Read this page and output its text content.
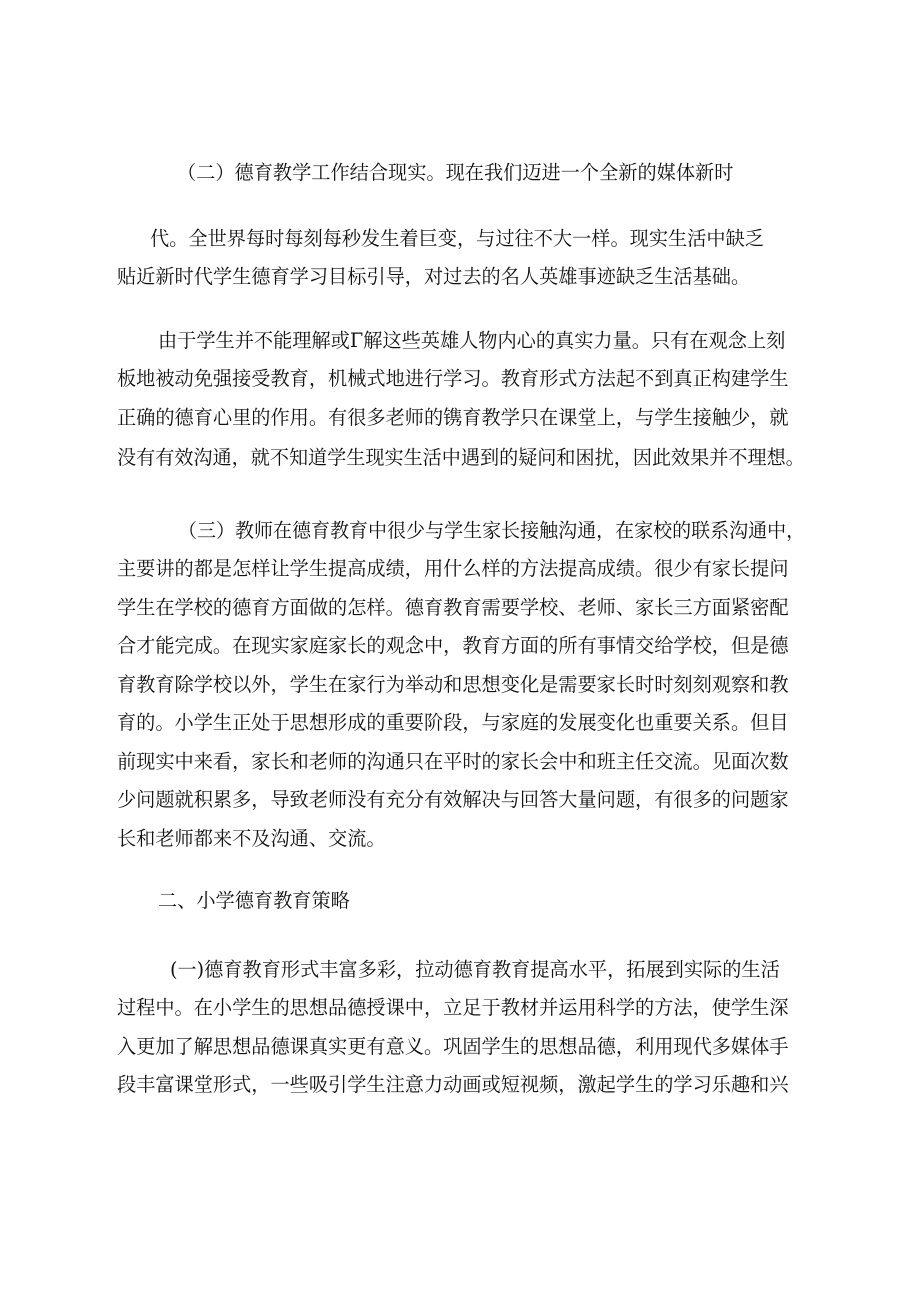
（二）德育教学工作结合现实。现在我们迈进一个全新的媒体新时
代。全世界每时每刻每秒发生着巨变，与过往不大一样。现实生活中缺乏
贴近新时代学生德育学习目标引导，对过去的名人英雄事迹缺乏生活基础。
由于学生并不能理解或Γ解这些英雄人物内心的真实力量。只有在观念上刻
板地被动免强接受教育，机械式地进行学习。教育形式方法起不到真正构建学生
正确的德育心里的作用。有很多老师的镌育教学只在课堂上，与学生接触少，就
没有有效沟通，就不知道学生现实生活中遇到的疑问和困扰，因此效果并不理想。
（三）教师在德育教育中很少与学生家长接触沟通，在家校的联系沟通中，
主要讲的都是怎样让学生提高成绩，用什么样的方法提高成绩。很少有家长提问
学生在学校的德育方面做的怎样。德育教育需要学校、老师、家长三方面紧密配
合才能完成。在现实家庭家长的观念中，教育方面的所有事情交给学校，但是德
育教育除学校以外，学生在家行为举动和思想变化是需要家长时时刻刻观察和教
育的。小学生正处于思想形成的重要阶段，与家庭的发展变化也重要关系。但目
前现实中来看，家长和老师的沟通只在平时的家长会中和班主任交流。见面次数
少问题就积累多，导致老师没有充分有效解决与回答大量问题，有很多的问题家
长和老师都来不及沟通、交流。
二、小学德育教育策略
(一)德育教育形式丰富多彩，拉动德育教育提高水平，拓展到实际的生活
过程中。在小学生的思想品德授课中，立足于教材并运用科学的方法，使学生深
入更加了解思想品德课真实更有意义。巩固学生的思想品德，利用现代多媒体手
段丰富课堂形式，一些吸引学生注意力动画或短视频，激起学生的学习乐趣和兴
